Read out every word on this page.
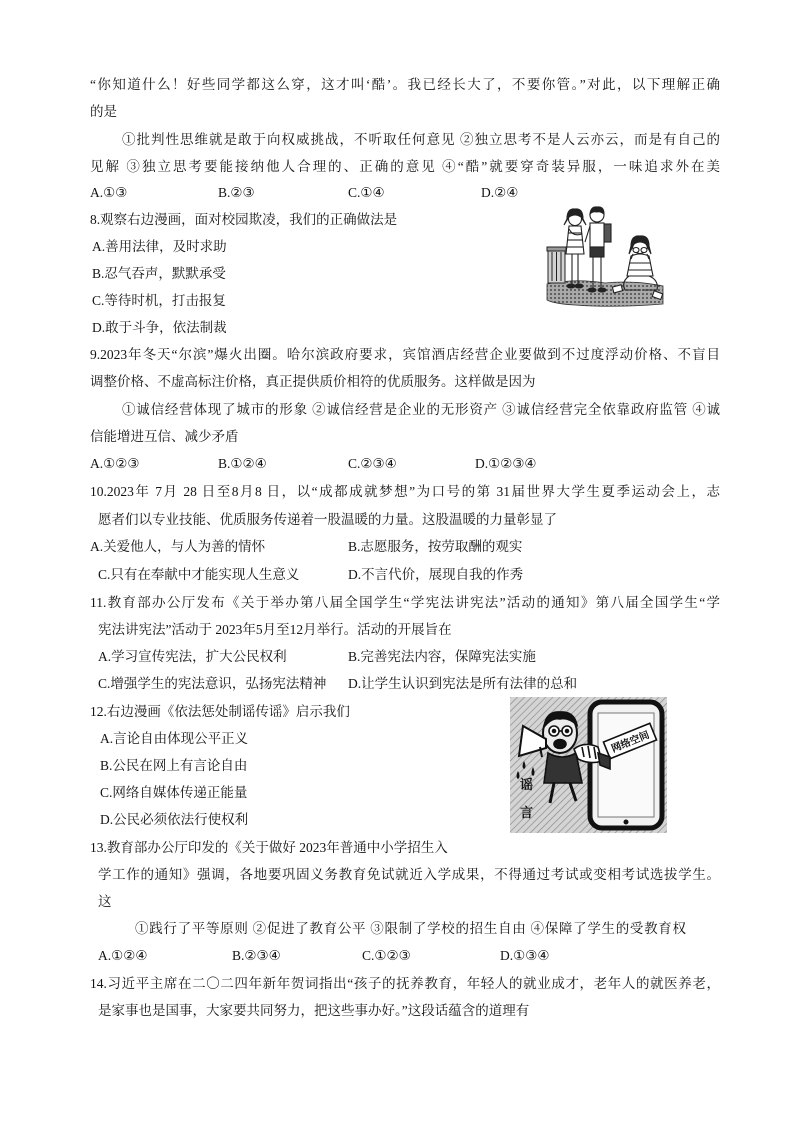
“你知道什么！好些同学都这么穿，这才叫‘酷’。我已经长大了，不要你管。”对此，以下理解正确
的是
①批判性思维就是敢于向权威挑战，不听取任何意见 ②独立思考不是人云亦云，而是有自己的
见解 ③独立思考要能接纳他人合理的、正确的意见 ④“酷”就要穿奇装异服，一味追求外在美
A.①③	B.②③	C.①④	D.②④
8.观察右边漫画，面对校园欺凌，我们的正确做法是
A.善用法律，及时求助
B.忍气吞声，默默承受
C.等待时机，打击报复
D.敢于斗争，依法制裁
9.2023年冬天“尔滨”爆火出圈。哈尔滨政府要求，宾馆酒店经营企业要做到不过度浮动价格、不盲目
调整价格、不虚高标注价格，真正提供质价相符的优质服务。这样做是因为
①诚信经营体现了城市的形象 ②诚信经营是企业的无形资产 ③诚信经营完全依靠政府监管 ④诚
信能增进互信、减少矛盾
A.①②③	B.①②④	C.②③④	D.①②③④
10.2023年 7月 28 日至8月8 日，以“成都成就梦想”为口号的第 31届世界大学生夏季运动会上，志
愿者们以专业技能、优质服务传递着一股温暖的力量。这股温暖的力量彰显了
A.关爱他人，与人为善的情怀	B.志愿服务，按劳取酬的观实
C.只有在奉献中才能实现人生意义	D.不言代价，展现自我的作秀
11.教育部办公厅发布《关于举办第八届全国学生“学宪法讲宪法”活动的通知》第八届全国学生“学
宪法讲宪法”活动于 2023年5月至12月举行。活动的开展旨在
A.学习宣传宪法，扩大公民权利	B.完善宪法内容，保障宪法实施
C.增强学生的宪法意识，弘扬宪法精神 D.让学生认识到宪法是所有法律的总和
12.右边漫画《依法惩处制谣传谣》启示我们
A.言论自由体现公平正义
B.公民在网上有言论自由
C.网络自媒体传递正能量
D.公民必须依法行使权利
网络空间
谣
言
13.教育部办公厅印发的《关于做好 2023年普通中小学招生入
学工作的通知》强调，各地要巩固义务教育免试就近入学成果，不得通过考试或变相考试选拔学生。
这
①践行了平等原则 ②促进了教育公平 ③限制了学校的招生自由 ④保障了学生的受教育权
A.①②④	B.②③④	C.①②③	D.①③④
14.习近平主席在二〇二四年新年贺词指出“孩子的抚养教育，年轻人的就业成才，老年人的就医养老，
是家事也是国事，大家要共同努力，把这些事办好。”这段话蕴含的道理有
